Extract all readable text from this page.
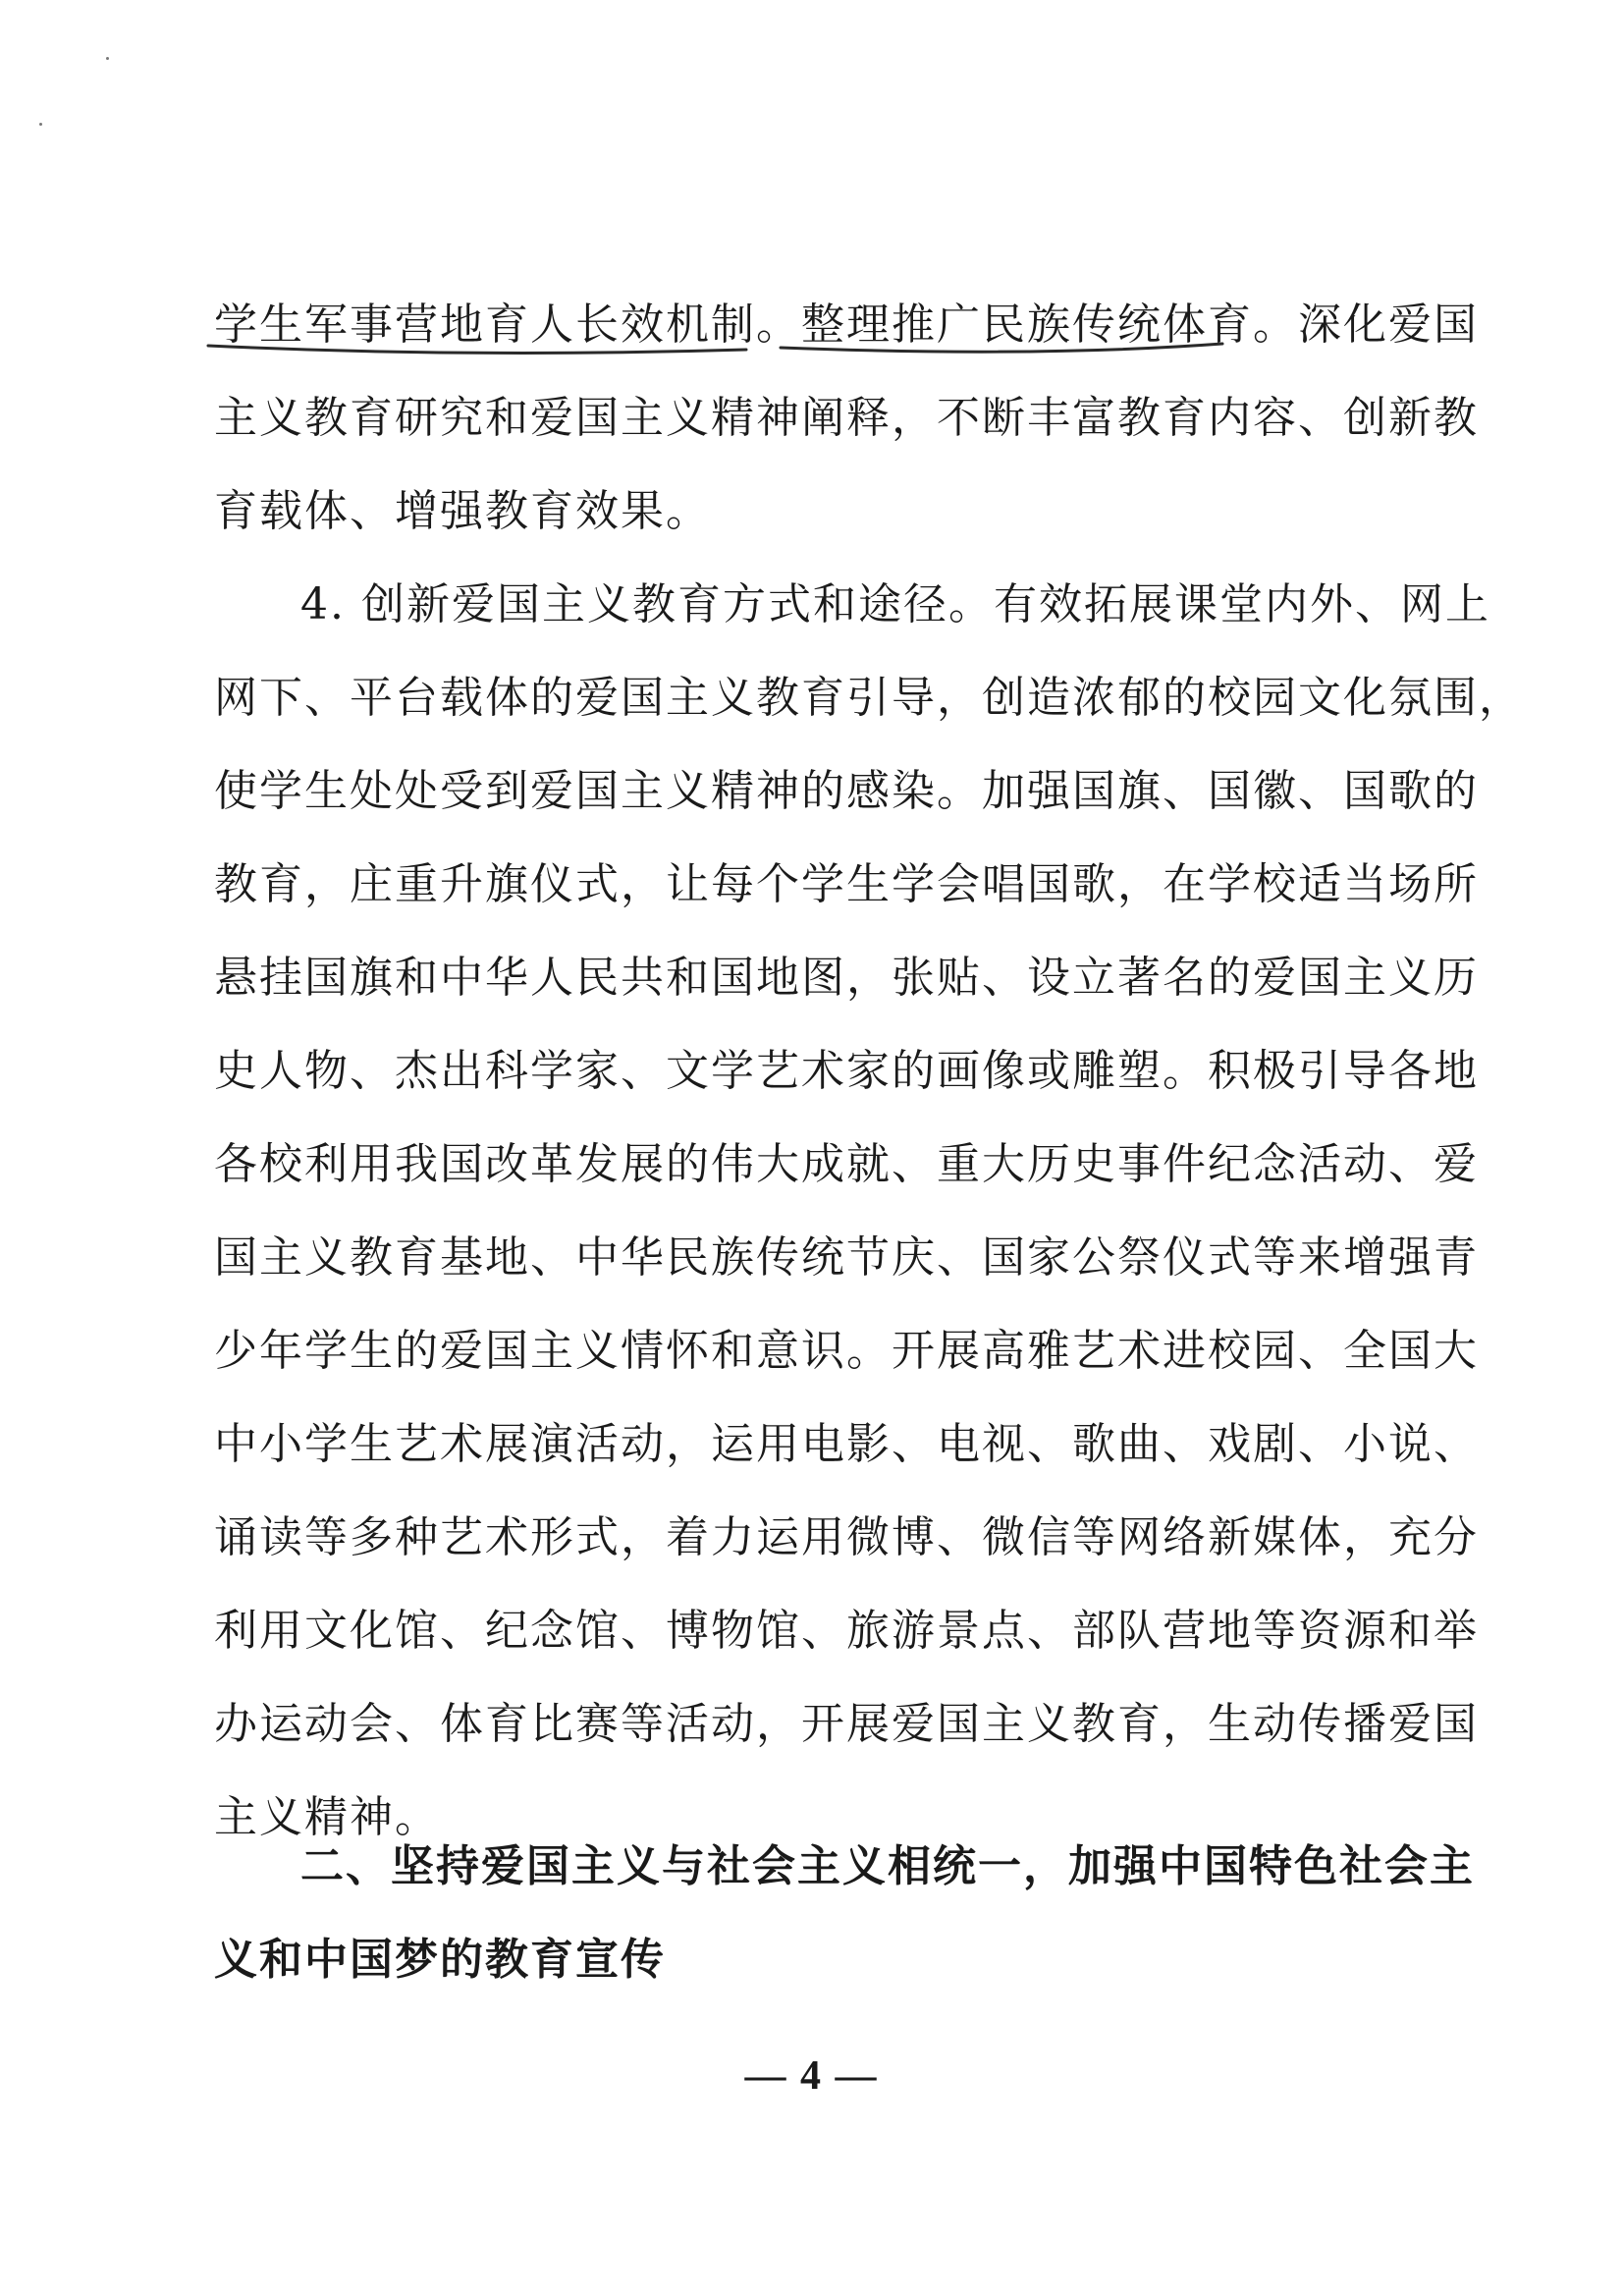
学生军事营地育人长效机制。整理推广民族传统体育。深化爱国
主义教育研究和爱国主义精神阐释，不断丰富教育内容、创新教
育载体、增强教育效果。
4. 创新爱国主义教育方式和途径。有效拓展课堂内外、网上
网下、平台载体的爱国主义教育引导，创造浓郁的校园文化氛围，
使学生处处受到爱国主义精神的感染。加强国旗、国徽、国歌的
教育，庄重升旗仪式，让每个学生学会唱国歌，在学校适当场所
悬挂国旗和中华人民共和国地图，张贴、设立著名的爱国主义历
史人物、杰出科学家、文学艺术家的画像或雕塑。积极引导各地
各校利用我国改革发展的伟大成就、重大历史事件纪念活动、爱
国主义教育基地、中华民族传统节庆、国家公祭仪式等来增强青
少年学生的爱国主义情怀和意识。开展高雅艺术进校园、全国大
中小学生艺术展演活动，运用电影、电视、歌曲、戏剧、小说、
诵读等多种艺术形式，着力运用微博、微信等网络新媒体，充分
利用文化馆、纪念馆、博物馆、旅游景点、部队营地等资源和举
办运动会、体育比赛等活动，开展爱国主义教育，生动传播爱国
主义精神。
二、坚持爱国主义与社会主义相统一，加强中国特色社会主
义和中国梦的教育宣传
— 4 —
